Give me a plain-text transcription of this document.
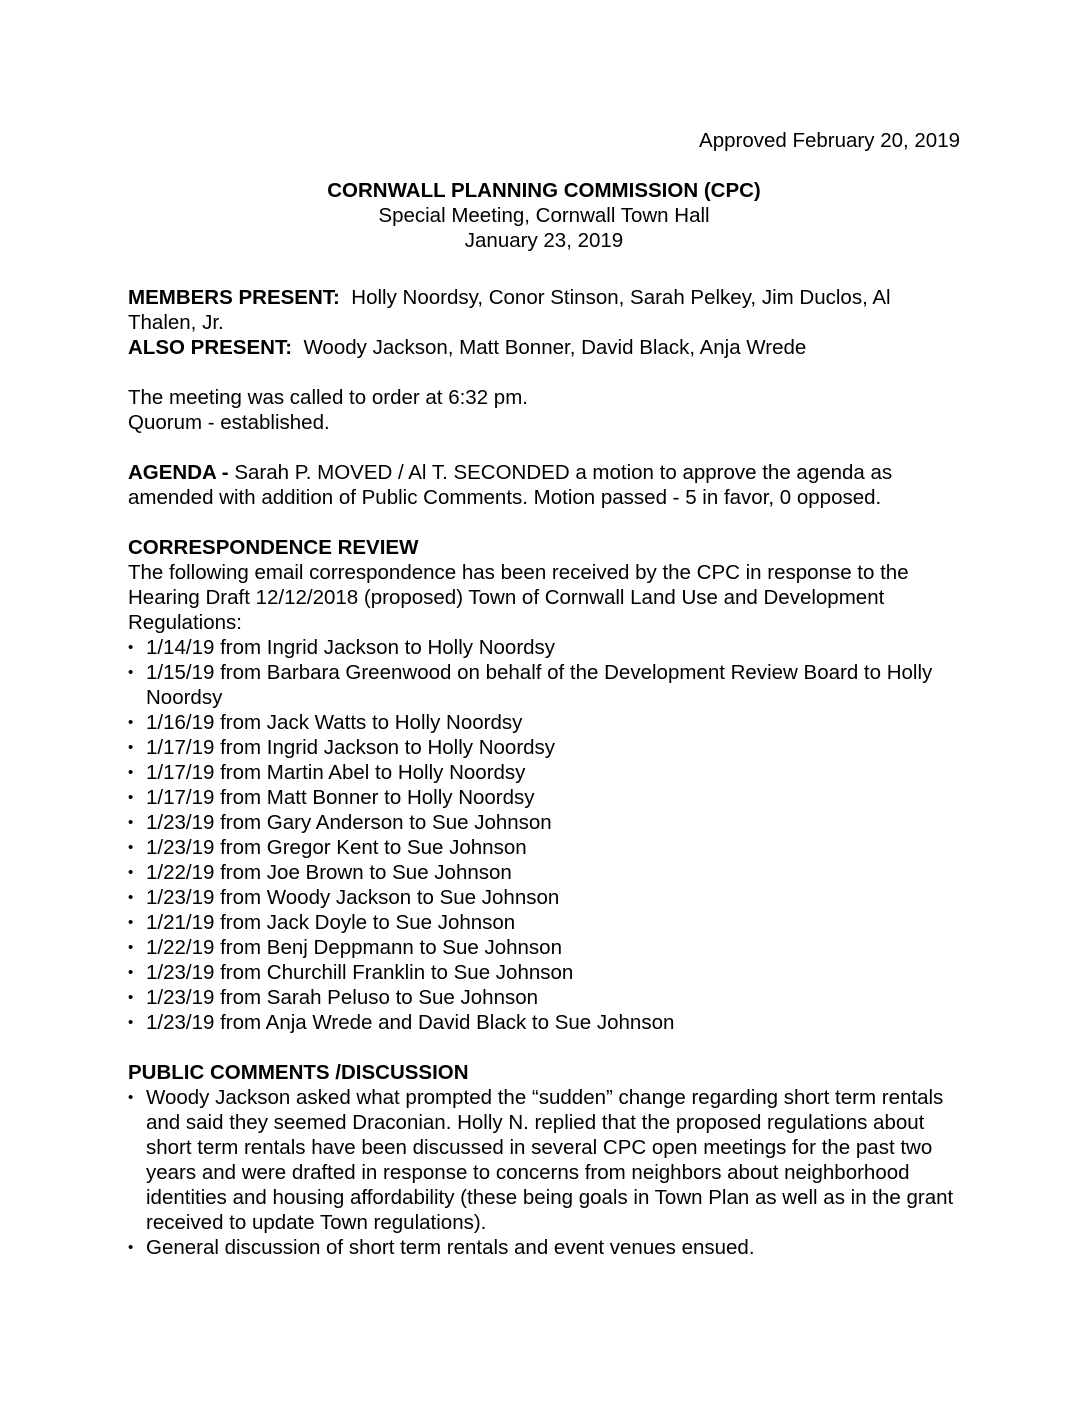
Approved February 20, 2019
CORNWALL PLANNING COMMISSION (CPC)
Special Meeting, Cornwall Town Hall
January 23, 2019

MEMBERS PRESENT: Holly Noordsy, Conor Stinson, Sarah Pelkey, Jim Duclos, Al Thalen, Jr.

ALSO PRESENT: Woody Jackson, Matt Bonner, David Black, Anja Wrede

The meeting was called to order at 6:32 pm.

Quorum - established.

AGENDA - Sarah P. MOVED / Al T. SECONDED a motion to approve the agenda as amended with addition of Public Comments. Motion passed - 5 in favor, 0 opposed.

CORRESPONDENCE REVIEW

The following email correspondence has been received by the CPC in response to the Hearing Draft 12/12/2018 (proposed) Town of Cornwall Land Use and Development Regulations:

• 1/14/19 from Ingrid Jackson to Holly Noordsy
• 1/15/19 from Barbara Greenwood on behalf of the Development Review Board to Holly Noordsy
• 1/16/19 from Jack Watts to Holly Noordsy
• 1/17/19 from Ingrid Jackson to Holly Noordsy
• 1/17/19 from Martin Abel to Holly Noordsy
• 1/17/19 from Matt Bonner to Holly Noordsy
• 1/23/19 from Gary Anderson to Sue Johnson
• 1/23/19 from Gregor Kent to Sue Johnson
• 1/22/19 from Joe Brown to Sue Johnson
• 1/23/19 from Woody Jackson to Sue Johnson
• 1/21/19 from Jack Doyle to Sue Johnson
• 1/22/19 from Benj Deppmann to Sue Johnson
• 1/23/19 from Churchill Franklin to Sue Johnson
• 1/23/19 from Sarah Peluso to Sue Johnson
• 1/23/19 from Anja Wrede and David Black to Sue Johnson

PUBLIC COMMENTS /DISCUSSION

• Woody Jackson asked what prompted the “sudden” change regarding short term rentals and said they seemed Draconian. Holly N. replied that the proposed regulations about short term rentals have been discussed in several CPC open meetings for the past two years and were drafted in response to concerns from neighbors about neighborhood identities and housing affordability (these being goals in Town Plan as well as in the grant received to update Town regulations).
• General discussion of short term rentals and event venues ensued.
